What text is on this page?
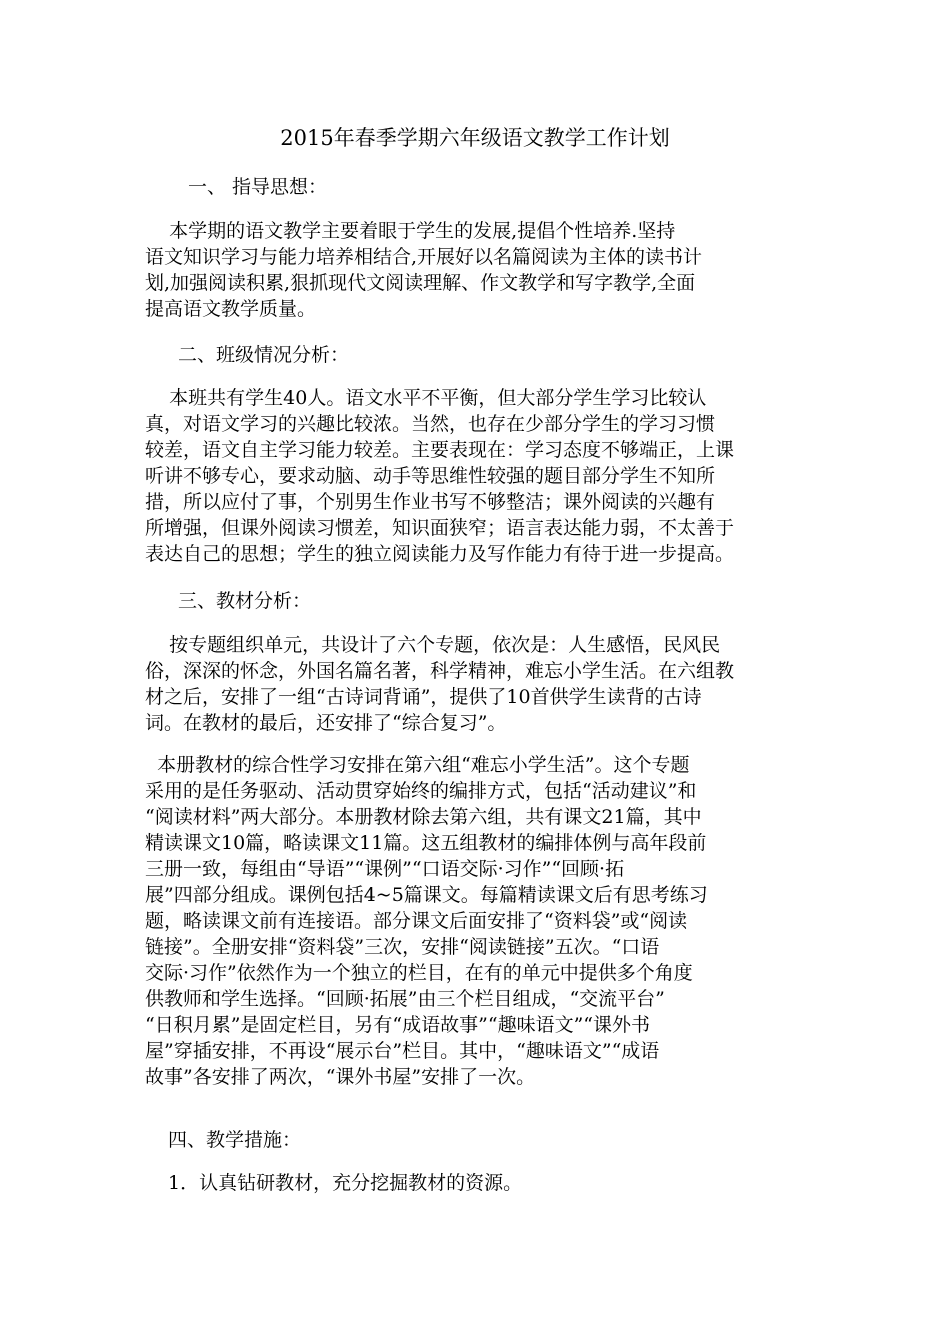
2015年春季学期六年级语文教学工作计划

一、 指导思想：

本学期的语文教学主要着眼于学生的发展,提倡个性培养.坚持
语文知识学习与能力培养相结合,开展好以名篇阅读为主体的读书计
划,加强阅读积累,狠抓现代文阅读理解、作文教学和写字教学,全面
提高语文教学质量。

二、班级情况分析：

本班共有学生40人。语文水平不平衡，但大部分学生学习比较认
真，对语文学习的兴趣比较浓。当然，也存在少部分学生的学习习惯
较差，语文自主学习能力较差。主要表现在：学习态度不够端正，上课
听讲不够专心，要求动脑、动手等思维性较强的题目部分学生不知所
措，所以应付了事，个别男生作业书写不够整洁；课外阅读的兴趣有
所增强，但课外阅读习惯差，知识面狭窄；语言表达能力弱，不太善于
表达自己的思想；学生的独立阅读能力及写作能力有待于进一步提高。

三、教材分析：

按专题组织单元，共设计了六个专题，依次是：人生感悟，民风民
俗，深深的怀念，外国名篇名著，科学精神，难忘小学生活。在六组教
材之后，安排了一组“古诗词背诵”，提供了10首供学生读背的古诗
词。在教材的最后，还安排了“综合复习”。

本册教材的综合性学习安排在第六组“难忘小学生活”。这个专题
采用的是任务驱动、活动贯穿始终的编排方式，包括“活动建议”和
“阅读材料”两大部分。本册教材除去第六组，共有课文21篇，其中
精读课文10篇，略读课文11篇。这五组教材的编排体例与高年段前
三册一致，每组由“导语”“课例”“口语交际·习作”“回顾·拓
展”四部分组成。课例包括4~5篇课文。每篇精读课文后有思考练习
题，略读课文前有连接语。部分课文后面安排了“资料袋”或“阅读
链接”。全册安排“资料袋”三次，安排“阅读链接”五次。“口语
交际·习作”依然作为一个独立的栏目，在有的单元中提供多个角度
供教师和学生选择。“回顾·拓展”由三个栏目组成，“交流平台”
“日积月累”是固定栏目，另有“成语故事”“趣味语文”“课外书
屋”穿插安排，不再设“展示台”栏目。其中，“趣味语文”“成语
故事”各安排了两次，“课外书屋”安排了一次。

四、教学措施：

1．认真钻研教材，充分挖掘教材的资源。
